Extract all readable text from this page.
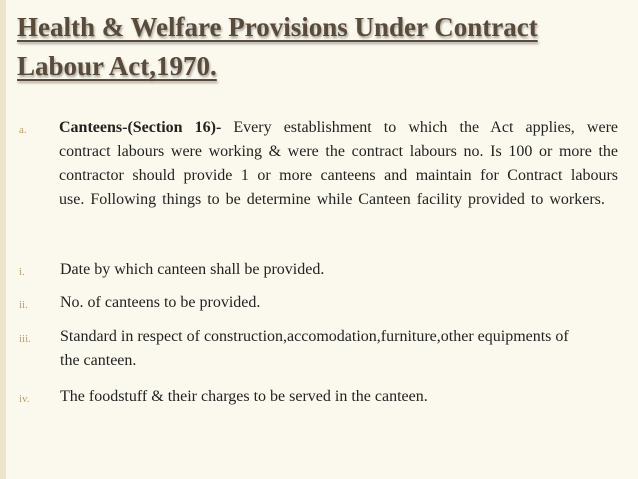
Health & Welfare Provisions Under Contract
Labour Act,1970.
a. Canteens-(Section 16)- Every establishment to which the Act applies, were contract labours were working & were the contract labours no. Is 100 or more the contractor should provide 1 or more canteens and maintain for Contract labours use. Following things to be determine while Canteen facility provided to workers.
i. Date by which canteen shall be provided.
ii. No. of canteens to be provided.
iii. Standard in respect of construction,accomodation,furniture,other equipments of the canteen.
iv. The foodstuff & their charges to be served in the canteen.
